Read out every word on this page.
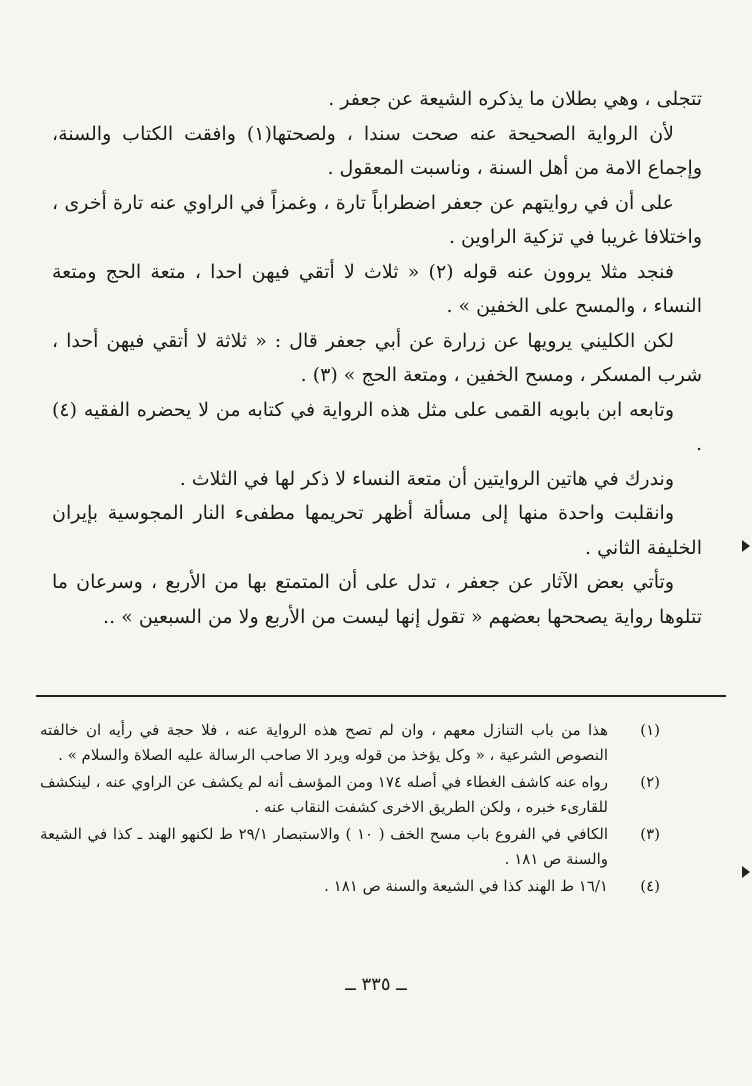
تتجلى ، وهي بطلان ما يذكره الشيعة عن جعفر .

لأن الرواية الصحيحة عنه صحت سندا ، ولصحتها(١) وافقت الكتاب والسنة، وإجماع الامة من أهل السنة ، وناسبت المعقول .

على أن في روايتهم عن جعفر اضطراباً تارة ، وغمزاً في الراوي عنه تارة أخرى ، واختلافا غريبا في تزكية الراوين .

فنجد مثلا يروون عنه قوله (٢) « ثلاث لا أتقي فيهن احدا ، متعة الحج ومتعة النساء ، والمسح على الخفين » .

لكن الكليني يرويها عن زرارة عن أبي جعفر قال : « ثلاثة لا أتقي فيهن أحدا ، شرب المسكر ، ومسح الخفين ، ومتعة الحج » (٣) .

وتابعه ابن بابويه القمى على مثل هذه الرواية في كتابه من لا يحضره الفقيه (٤) .

وندرك في هاتين الروايتين أن متعة النساء لا ذكر لها في الثلاث .

وانقلبت واحدة منها إلى مسألة أظهر تحريمها مطفىء النار المجوسية بإيران الخليفة الثاني .

وتأتي بعض الآثار عن جعفر ، تدل على أن المتمتع بها من الأربع ، وسرعان ما تتلوها رواية يصححها بعضهم « تقول إنها ليست من الأربع ولا من السبعين » ..

(١)
هذا من باب التنازل معهم ، وان لم تصح هذه الرواية عنه ، فلا حجة في رأيه ان خالفته النصوص الشرعية ، « وكل يؤخذ من قوله ويرد الا صاحب الرسالة عليه الصلاة والسلام » .
(٢)
رواه عنه كاشف الغطاء في أصله ١٧٤ ومن المؤسف أنه لم يكشف عن الراوي عنه ، لينكشف للقارىء خبره ، ولكن الطريق الاخرى كشفت النقاب عنه .
(٣)
الكافي في الفروع باب مسح الخف ( ١٠ ) والاستبصار ٢٩/١ ط لكنهو الهند ـ كذا في الشيعة والسنة ص ١٨١ .
(٤)
١٦/١ ط الهند كذا في الشيعة والسنة ص ١٨١ .
ــ ٣٣٥ ــ
